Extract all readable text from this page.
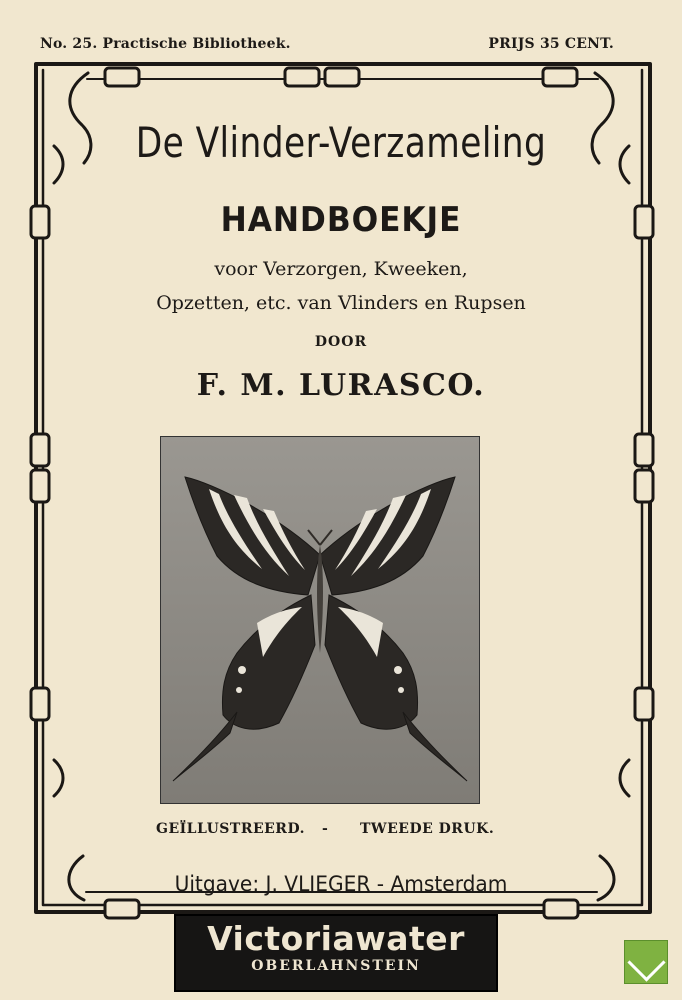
No. 25. Practische Bibliotheek.	PRIJS 35 CENT.
De Vlinder-Verzameling
HANDBOEKJE
voor Verzorgen, Kweeken,
Opzetten, etc. van Vlinders en Rupsen
DOOR
F. M. LURASCO.
GEÏLLUSTREERD. - TWEEDE DRUK.
Uitgave: J. VLIEGER - Amsterdam
Victoriawater
OBERLAHNSTEIN
